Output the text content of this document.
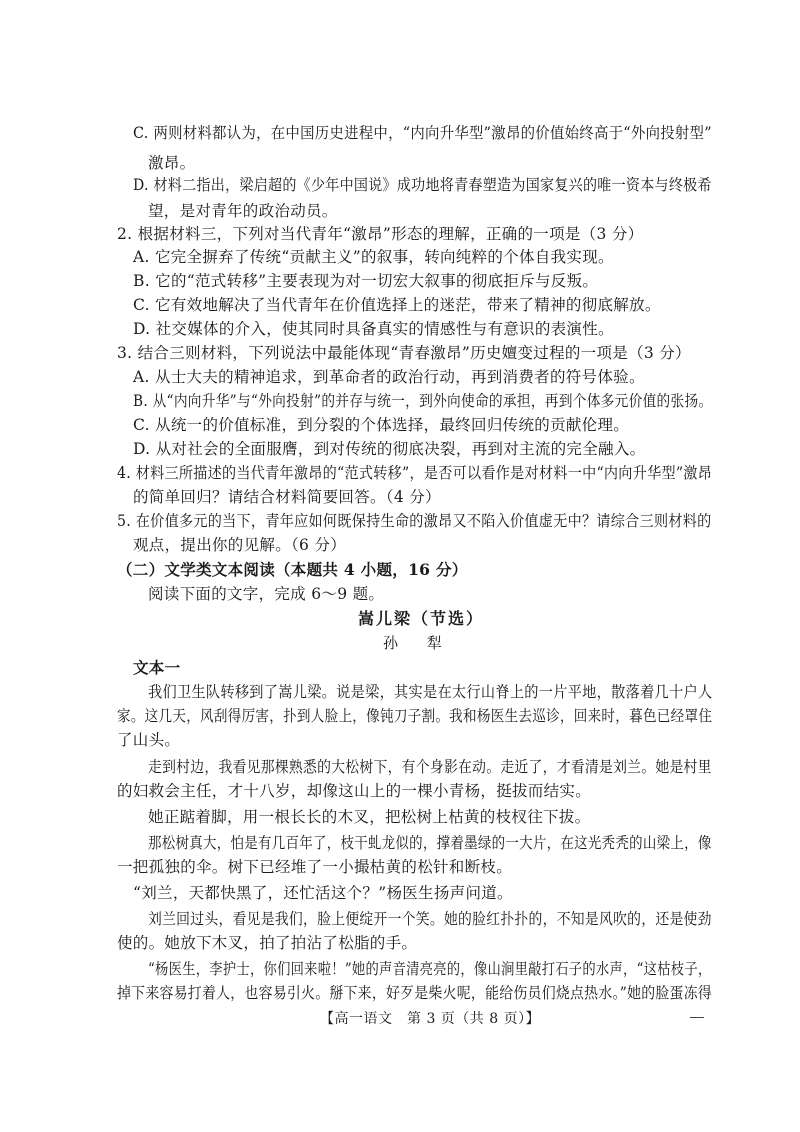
C. 两则材料都认为，在中国历史进程中，“内向升华型”激昂的价值始终高于“外向投射型”
激昂。
D. 材料二指出，梁启超的《少年中国说》成功地将青春塑造为国家复兴的唯一资本与终极希
望，是对青年的政治动员。
2. 根据材料三，下列对当代青年“激昂”形态的理解，正确的一项是（3 分）
A. 它完全摒弃了传统“贡献主义”的叙事，转向纯粹的个体自我实现。
B. 它的“范式转移”主要表现为对一切宏大叙事的彻底拒斥与反叛。
C. 它有效地解决了当代青年在价值选择上的迷茫，带来了精神的彻底解放。
D. 社交媒体的介入，使其同时具备真实的情感性与有意识的表演性。
3. 结合三则材料，下列说法中最能体现“青春激昂”历史嬗变过程的一项是（3 分）
A. 从士大夫的精神追求，到革命者的政治行动，再到消费者的符号体验。
B. 从“内向升华”与“外向投射”的并存与统一，到外向使命的承担，再到个体多元价值的张扬。
C. 从统一的价值标准，到分裂的个体选择，最终回归传统的贡献伦理。
D. 从对社会的全面服膺，到对传统的彻底决裂，再到对主流的完全融入。
4. 材料三所描述的当代青年激昂的“范式转移”，是否可以看作是对材料一中“内向升华型”激昂
的简单回归？请结合材料简要回答。（4 分）
5. 在价值多元的当下，青年应如何既保持生命的激昂又不陷入价值虚无中？请综合三则材料的
观点，提出你的见解。（6 分）
（二）文学类文本阅读（本题共 4 小题，16 分）
阅读下面的文字，完成 6～9 题。
嵩儿梁（节选）
孙 犁
文本一
我们卫生队转移到了嵩儿梁。说是梁，其实是在太行山脊上的一片平地，散落着几十户人
家。这几天，风刮得厉害，扑到人脸上，像钝刀子割。我和杨医生去巡诊，回来时，暮色已经罩住
了山头。
走到村边，我看见那棵熟悉的大松树下，有个身影在动。走近了，才看清是刘兰。她是村里
的妇救会主任，才十八岁，却像这山上的一棵小青杨，挺拔而结实。
她正踮着脚，用一根长长的木叉，把松树上枯黄的枝杈往下拔。
那松树真大，怕是有几百年了，枝干虬龙似的，撑着墨绿的一大片，在这光秃秃的山梁上，像
一把孤独的伞。树下已经堆了一小撮枯黄的松针和断枝。
“刘兰，天都快黑了，还忙活这个？”杨医生扬声问道。
刘兰回过头，看见是我们，脸上便绽开一个笑。她的脸红扑扑的，不知是风吹的，还是使劲
使的。她放下木叉，拍了拍沾了松脂的手。
“杨医生，李护士，你们回来啦！”她的声音清亮亮的，像山涧里敲打石子的水声，“这枯枝子，
掉下来容易打着人，也容易引火。掰下来，好歹是柴火呢，能给伤员们烧点热水。”她的脸蛋冻得
【高一语文　第 3 页（共 8 页）】
